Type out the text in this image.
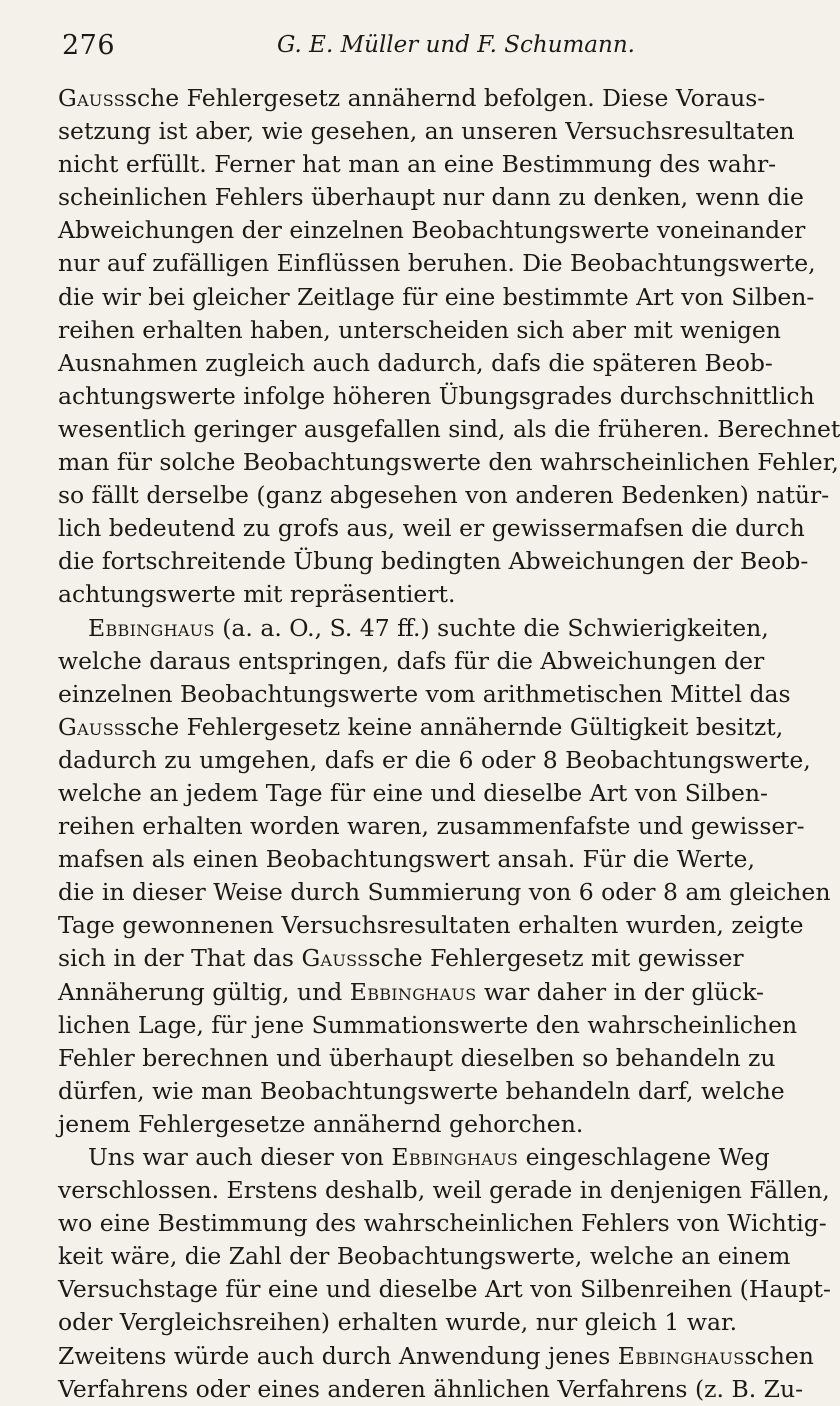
276	G. E. Müller und F. Schumann.
Gausssche Fehlergesetz annähernd befolgen. Diese Voraus-
setzung ist aber, wie gesehen, an unseren Versuchsresultaten
nicht erfüllt. Ferner hat man an eine Bestimmung des wahr-
scheinlichen Fehlers überhaupt nur dann zu denken, wenn die
Abweichungen der einzelnen Beobachtungswerte voneinander
nur auf zufälligen Einflüssen beruhen. Die Beobachtungswerte,
die wir bei gleicher Zeitlage für eine bestimmte Art von Silben-
reihen erhalten haben, unterscheiden sich aber mit wenigen
Ausnahmen zugleich auch dadurch, dafs die späteren Beob-
achtungswerte infolge höheren Übungsgrades durchschnittlich
wesentlich geringer ausgefallen sind, als die früheren. Berechnet
man für solche Beobachtungswerte den wahrscheinlichen Fehler,
so fällt derselbe (ganz abgesehen von anderen Bedenken) natür-
lich bedeutend zu grofs aus, weil er gewissermafsen die durch
die fortschreitende Übung bedingten Abweichungen der Beob-
achtungswerte mit repräsentiert.
Ebbinghaus (a. a. O., S. 47 ff.) suchte die Schwierigkeiten,
welche daraus entspringen, dafs für die Abweichungen der
einzelnen Beobachtungswerte vom arithmetischen Mittel das
Gausssche Fehlergesetz keine annähernde Gültigkeit besitzt,
dadurch zu umgehen, dafs er die 6 oder 8 Beobachtungswerte,
welche an jedem Tage für eine und dieselbe Art von Silben-
reihen erhalten worden waren, zusammenfafste und gewisser-
mafsen als einen Beobachtungswert ansah. Für die Werte,
die in dieser Weise durch Summierung von 6 oder 8 am gleichen
Tage gewonnenen Versuchsresultaten erhalten wurden, zeigte
sich in der That das Gausssche Fehlergesetz mit gewisser
Annäherung gültig, und Ebbinghaus war daher in der glück-
lichen Lage, für jene Summationswerte den wahrscheinlichen
Fehler berechnen und überhaupt dieselben so behandeln zu
dürfen, wie man Beobachtungswerte behandeln darf, welche
jenem Fehlergesetze annähernd gehorchen.
Uns war auch dieser von Ebbinghaus eingeschlagene Weg
verschlossen. Erstens deshalb, weil gerade in denjenigen Fällen,
wo eine Bestimmung des wahrscheinlichen Fehlers von Wichtig-
keit wäre, die Zahl der Beobachtungswerte, welche an einem
Versuchstage für eine und dieselbe Art von Silbenreihen (Haupt-
oder Vergleichsreihen) erhalten wurde, nur gleich 1 war.
Zweitens würde auch durch Anwendung jenes Ebbinghausschen
Verfahrens oder eines anderen ähnlichen Verfahrens (z. B. Zu-
